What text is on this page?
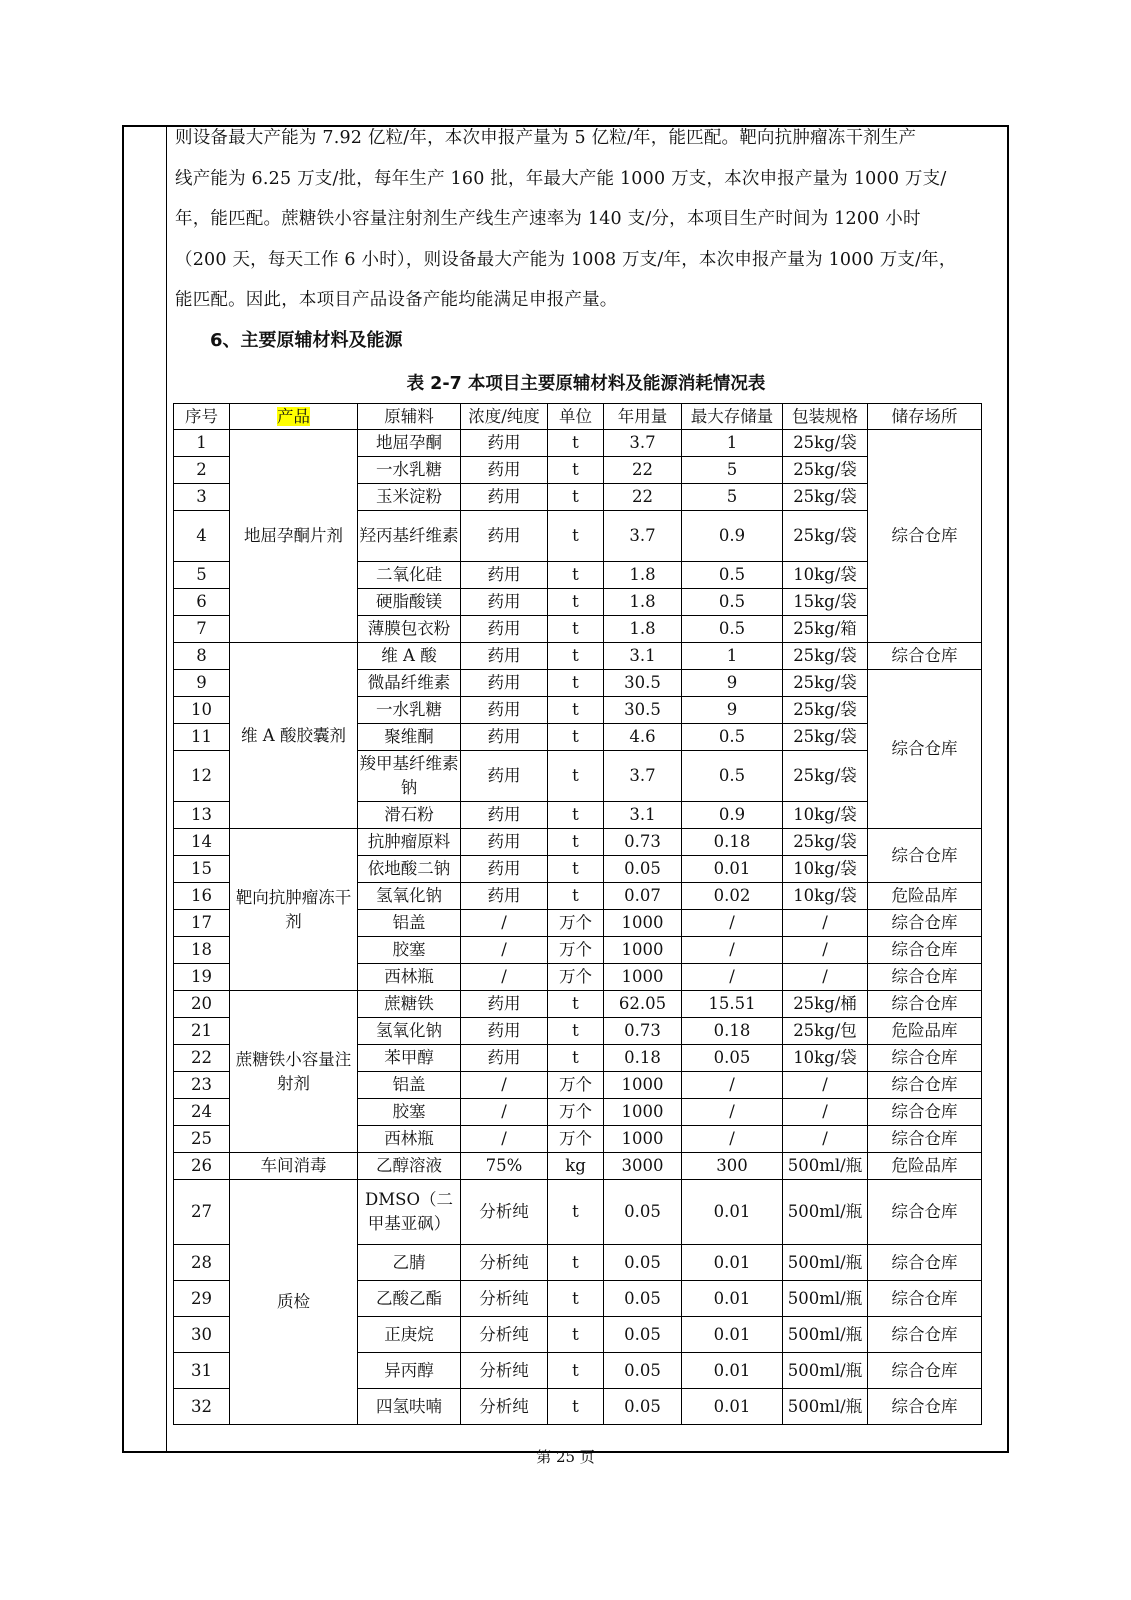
则设备最大产能为 7.92 亿粒/年，本次申报产量为 5 亿粒/年，能匹配。靶向抗肿瘤冻干剂生产

线产能为 6.25 万支/批，每年生产 160 批，年最大产能 1000 万支，本次申报产量为 1000 万支/

年，能匹配。蔗糖铁小容量注射剂生产线生产速率为 140 支/分，本项目生产时间为 1200 小时

（200 天，每天工作 6 小时），则设备最大产能为 1008 万支/年，本次申报产量为 1000 万支/年，

能匹配。因此，本项目产品设备产能均能满足申报产量。

6、主要原辅材料及能源
表 2-7 本项目主要原辅材料及能源消耗情况表
序号	产品	原辅料	浓度/纯度	单位	年用量	最大存储量	包装规格	储存场所
1	地屈孕酮片剂	地屈孕酮	药用	t	3.7	1	25kg/袋	综合仓库
2		一水乳糖	药用	t	22	5	25kg/袋	
3		玉米淀粉	药用	t	22	5	25kg/袋	
4		羟丙基纤维素	药用	t	3.7	0.9	25kg/袋	
5		二氧化硅	药用	t	1.8	0.5	10kg/袋	
6		硬脂酸镁	药用	t	1.8	0.5	15kg/袋	
7		薄膜包衣粉	药用	t	1.8	0.5	25kg/箱	
8	维 A 酸胶囊剂	维 A 酸	药用	t	3.1	1	25kg/袋	综合仓库
9		微晶纤维素	药用	t	30.5	9	25kg/袋	综合仓库
10		一水乳糖	药用	t	30.5	9	25kg/袋	
11		聚维酮	药用	t	4.6	0.5	25kg/袋	
12		羧甲基纤维素钠	药用	t	3.7	0.5	25kg/袋	
13		滑石粉	药用	t	3.1	0.9	10kg/袋	
14	靶向抗肿瘤冻干剂	抗肿瘤原料	药用	t	0.73	0.18	25kg/袋	综合仓库
15		依地酸二钠	药用	t	0.05	0.01	10kg/袋	
16		氢氧化钠	药用	t	0.07	0.02	10kg/袋	危险品库
17		铝盖	/	万个	1000	/	/	综合仓库
18		胶塞	/	万个	1000	/	/	综合仓库
19		西林瓶	/	万个	1000	/	/	综合仓库
20	蔗糖铁小容量注射剂	蔗糖铁	药用	t	62.05	15.51	25kg/桶	综合仓库
21		氢氧化钠	药用	t	0.73	0.18	25kg/包	危险品库
22		苯甲醇	药用	t	0.18	0.05	10kg/袋	综合仓库
23		铝盖	/	万个	1000	/	/	综合仓库
24		胶塞	/	万个	1000	/	/	综合仓库
25		西林瓶	/	万个	1000	/	/	综合仓库
26	车间消毒	乙醇溶液	75%	kg	3000	300	500ml/瓶	危险品库
27	质检	DMSO（二甲基亚砜）	分析纯	t	0.05	0.01	500ml/瓶	综合仓库
28		乙腈	分析纯	t	0.05	0.01	500ml/瓶	综合仓库
29		乙酸乙酯	分析纯	t	0.05	0.01	500ml/瓶	综合仓库
30		正庚烷	分析纯	t	0.05	0.01	500ml/瓶	综合仓库
31		异丙醇	分析纯	t	0.05	0.01	500ml/瓶	综合仓库
32		四氢呋喃	分析纯	t	0.05	0.01	500ml/瓶	综合仓库
第 25 页
